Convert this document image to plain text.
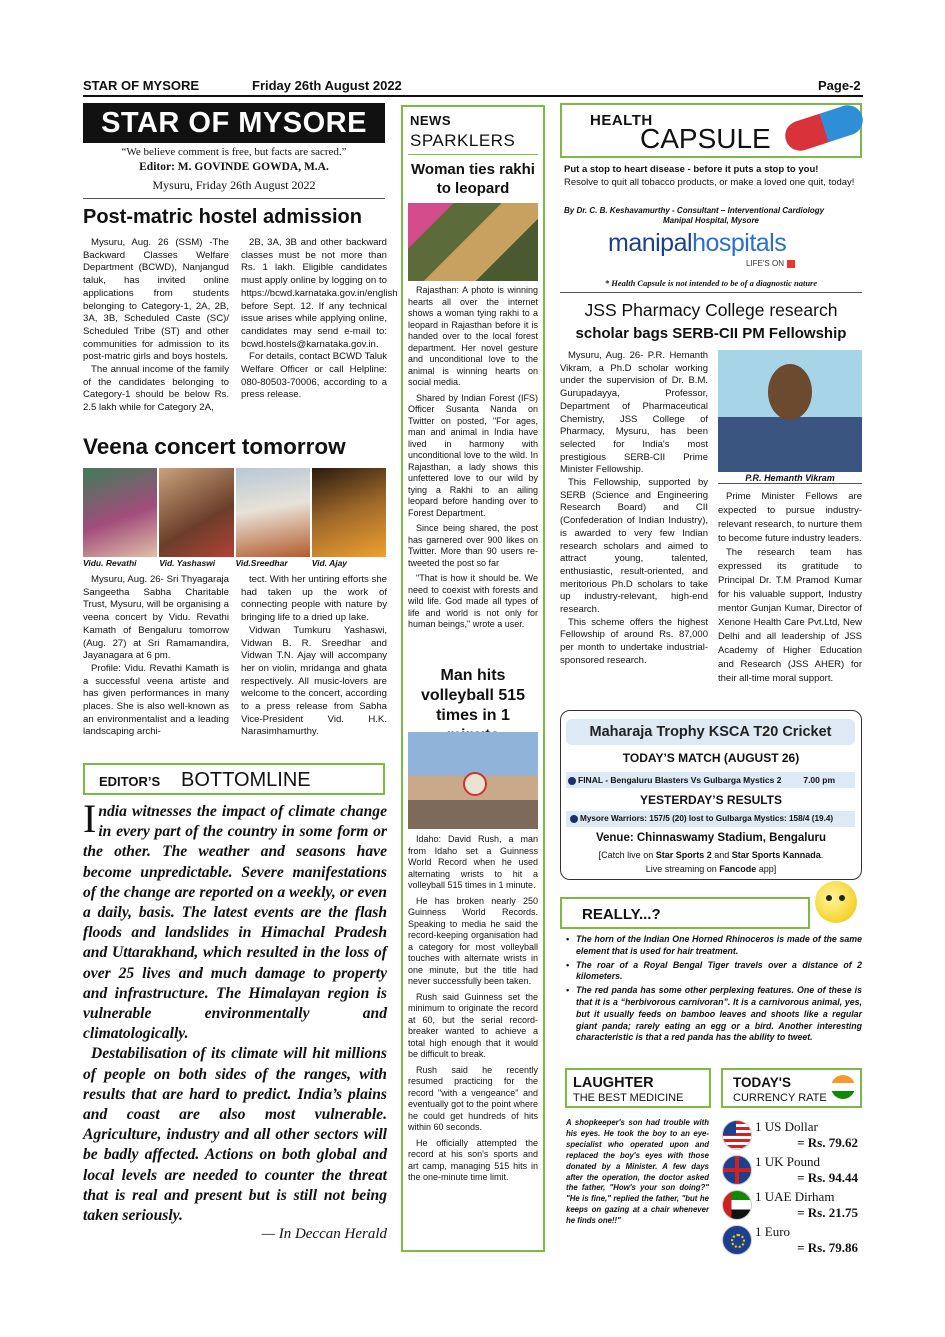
STAR OF MYSORE	Friday 26th August 2022	Page-2
STAR OF MYSORE
“We believe comment is free, but facts are sacred.”
Editor: M. GOVINDE GOWDA, M.A.
Mysuru, Friday 26th August 2022
Post-matric hostel admission

Mysuru, Aug. 26 (SSM) -The Backward Classes Welfare Department (BCWD), Nanjangud taluk, has invited online applications from students belonging to Category-1, 2A, 2B, 3A, 3B, Scheduled Caste (SC)/ Scheduled Tribe (ST) and other communities for admission to its post-matric girls and boys hostels.

The annual income of the family of the candidates belonging to Category-1 should be below Rs. 2.5 lakh while for Category 2A,

2B, 3A, 3B and other backward classes must be not more than Rs. 1 lakh. Eligible candidates must apply online by logging on to https://bcwd.karnataka.gov.in/english before Sept. 12. If any technical issue arises while applying online, candidates may send e-mail to: bcwd.hostels@karnataka.gov.in.

For details, contact BCWD Taluk Welfare Officer or call Helpline: 080-80503-70006, according to a press release.

Veena concert tomorrow
Vidu. Revathi	Vid. Yashaswi	Vid.Sreedhar	Vid. Ajay

Mysuru, Aug. 26- Sri Thyagaraja Sangeetha Sabha Charitable Trust, Mysuru, will be organising a veena concert by Vidu. Revathi Kamath of Bengaluru tomorrow (Aug. 27) at Sri Ramamandira, Jayanagara at 6 pm.

Profile: Vidu. Revathi Kamath is a successful veena artiste and has given performances in many places. She is also well-known as an environmentalist and a leading landscaping archi-

tect. With her untiring efforts she had taken up the work of connecting people with nature by bringing life to a dried up lake.

Vidwan Tumkuru Yashaswi, Vidwan B. R. Sreedhar and Vidwan T.N. Ajay will accompany her on violin, mridanga and ghata respectively. All music-lovers are welcome to the concert, according to a press release from Sabha Vice-President Vid. H.K. Narasimhamurthy.

EDITOR’S BOTTOMLINE
India witnesses the impact of climate change in every part of the country in some form or the other. The weather and seasons have become unpredictable. Severe manifestations of the change are reported on a weekly, or even a daily, basis. The latest events are the flash floods and landslides in Himachal Pradesh and Uttarakhand, which resulted in the loss of over 25 lives and much damage to property and infrastructure. The Himalayan region is vulnerable environmentally and climatologically.
Destabilisation of its climate will hit millions of people on both sides of the ranges, with results that are hard to predict. India’s plains and coast are also most vulnerable. Agriculture, industry and all other sectors will be badly affected. Actions on both global and local levels are needed to counter the threat that is real and present but is still not being taken seriously.
— In Deccan Herald
NEWS
SPARKLERS
Woman ties rakhi to leopard

Rajasthan: A photo is winning hearts all over the internet shows a woman tying rakhi to a leopard in Rajasthan before it is handed over to the local forest department. Her novel gesture and unconditional love to the animal is winning hearts on social media.

Shared by Indian Forest (IFS) Officer Susanta Nanda on Twitter on posted, "For ages, man and animal in India have lived in harmony with unconditional love to the wild. In Rajasthan, a lady shows this unfettered love to our wild by tying a Rakhi to an ailing leopard before handing over to Forest Department.

Since being shared, the post has garnered over 900 likes on Twitter. More than 90 users re-tweeted the post so far

"That is how it should be. We need to coexist with forests and wild life. God made all types of life and world is not only for human beings," wrote a user.

Man hits volleyball 515 times in 1

Idaho: David Rush, a man from Idaho set a Guinness World Record when he used alternating wrists to hit a volleyball 515 times in 1 minute.

He has broken nearly 250 Guinness World Records. Speaking to media he said the record-keeping organisation had a category for most volleyball touches with alternate wrists in one minute, but the title had never successfully been taken.

Rush said Guinness set the minimum to originate the record at 60, but the serial record-breaker wanted to achieve a total high enough that it would be difficult to break.

Rush said he recently resumed practicing for the record "with a vengeance" and eventually got to the point where he could get hundreds of hits within 60 seconds.

He officially attempted the record at his son's sports and art camp, managing 515 hits in the one-minute time limit.

HEALTH
CAPSULE
Put a stop to heart disease - before it puts a stop to you!
Resolve to quit all tobacco products, or make a loved one quit, today!
By Dr. C. B. Keshavamurthy - Consultant – Interventional Cardiology
Manipal Hospital, Mysore
manipalhospitals
LIFE'S ON
* Health Capsule is not intended to be of a diagnostic nature
JSS Pharmacy College research
scholar bags SERB-CII PM Fellowship

Mysuru, Aug. 26- P.R. Hemanth Vikram, a Ph.D scholar working under the supervision of Dr. B.M. Gurupadayya, Professor, Department of Pharmaceutical Chemistry, JSS College of Pharmacy, Mysuru, has been selected for India's most prestigious SERB-CII Prime Minister Fellowship.

This Fellowship, supported by SERB (Science and Engineering Research Board) and CII (Confederation of Indian Industry), is awarded to very few Indian research scholars and aimed to attract young, talented, enthusiastic, result-oriented, and meritorious Ph.D scholars to take up industry-relevant, high-end research.

This scheme offers the highest Fellowship of around Rs. 87,000 per month to undertake industrial-sponsored research.

P.R. Hemanth Vikram

Prime Minister Fellows are expected to pursue industry-relevant research, to nurture them to become future industry leaders.

The research team has expressed its gratitude to Principal Dr. T.M Pramod Kumar for his valuable support, Industry mentor Gunjan Kumar, Director of Xenone Health Care Pvt.Ltd, New Delhi and all leadership of JSS Academy of Higher Education and Research (JSS AHER) for their all-time moral support.

Maharaja Trophy KSCA T20 Cricket
TODAY’S MATCH (AUGUST 26)
FINAL - Bengaluru Blasters Vs Gulbarga Mystics 2	7.00 pm
YESTERDAY’S RESULTS
Mysore Warriors: 157/5 (20) lost to Gulbarga Mystics: 158/4 (19.4)
Venue: Chinnaswamy Stadium, Bengaluru
[Catch live on Star Sports 2 and Star Sports Kannada.
Live streaming on Fancode app]
REALLY...?
• The horn of the Indian One Horned Rhinoceros is made of the same element that is used for hair treatment.
• The roar of a Royal Bengal Tiger travels over a distance of 2 kilometers.
• The red panda has some other perplexing features. One of these is that it is a “herbivorous carnivoran”. It is a carnivorous animal, yes, but it usually feeds on bamboo leaves and shoots like a regular giant panda; rarely eating an egg or a bird. Another interesting characteristic is that a red panda has the ability to tweet.
LAUGHTER
THE BEST MEDICINE
A shopkeeper's son had trouble with his eyes. He took the boy to an eye-specialist who operated upon and replaced the boy's eyes with those donated by a Minister. A few days after the operation, the doctor asked the father, "How's your son doing?" "He is fine," replied the father, "but he keeps on gazing at a chair whenever he finds one!!"
TODAY'S
CURRENCY RATE
1 US Dollar
= Rs. 79.62
1 UK Pound
= Rs. 94.44
1 UAE Dirham
= Rs. 21.75
1 Euro
= Rs. 79.86
